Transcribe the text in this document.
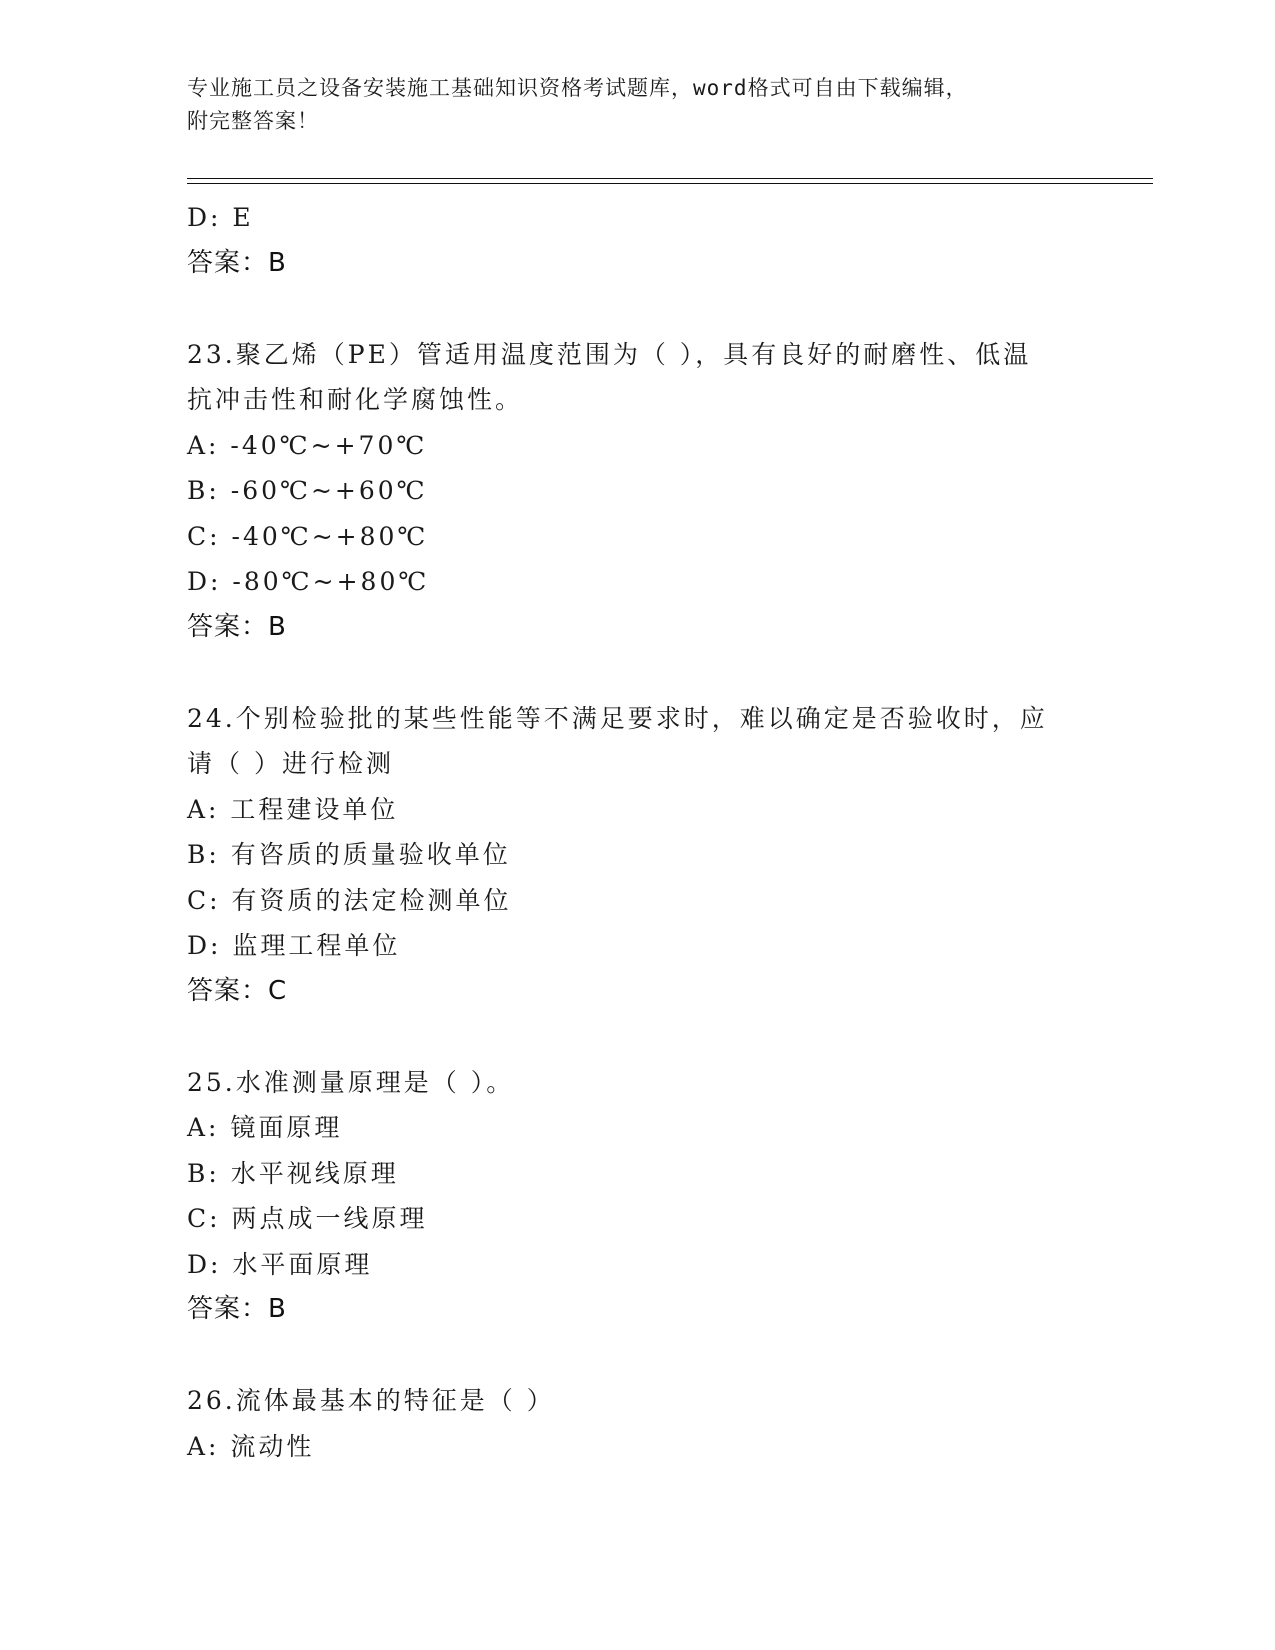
专业施工员之设备安装施工基础知识资格考试题库，word格式可自由下载编辑，
附完整答案！
D: E
答案：B
23.聚乙烯（PE）管适用温度范围为（ ），具有良好的耐磨性、低温
抗冲击性和耐化学腐蚀性。
A: -40℃~+70℃
B: -60℃~+60℃
C: -40℃~+80℃
D: -80℃~+80℃
答案：B
24.个别检验批的某些性能等不满足要求时，难以确定是否验收时，应
请（ ）进行检测
A: 工程建设单位
B: 有咨质的质量验收单位
C: 有资质的法定检测单位
D: 监理工程单位
答案：C
25.水准测量原理是（ ）。
A: 镜面原理
B: 水平视线原理
C: 两点成一线原理
D: 水平面原理
答案：B
26.流体最基本的特征是（ ）
A: 流动性
